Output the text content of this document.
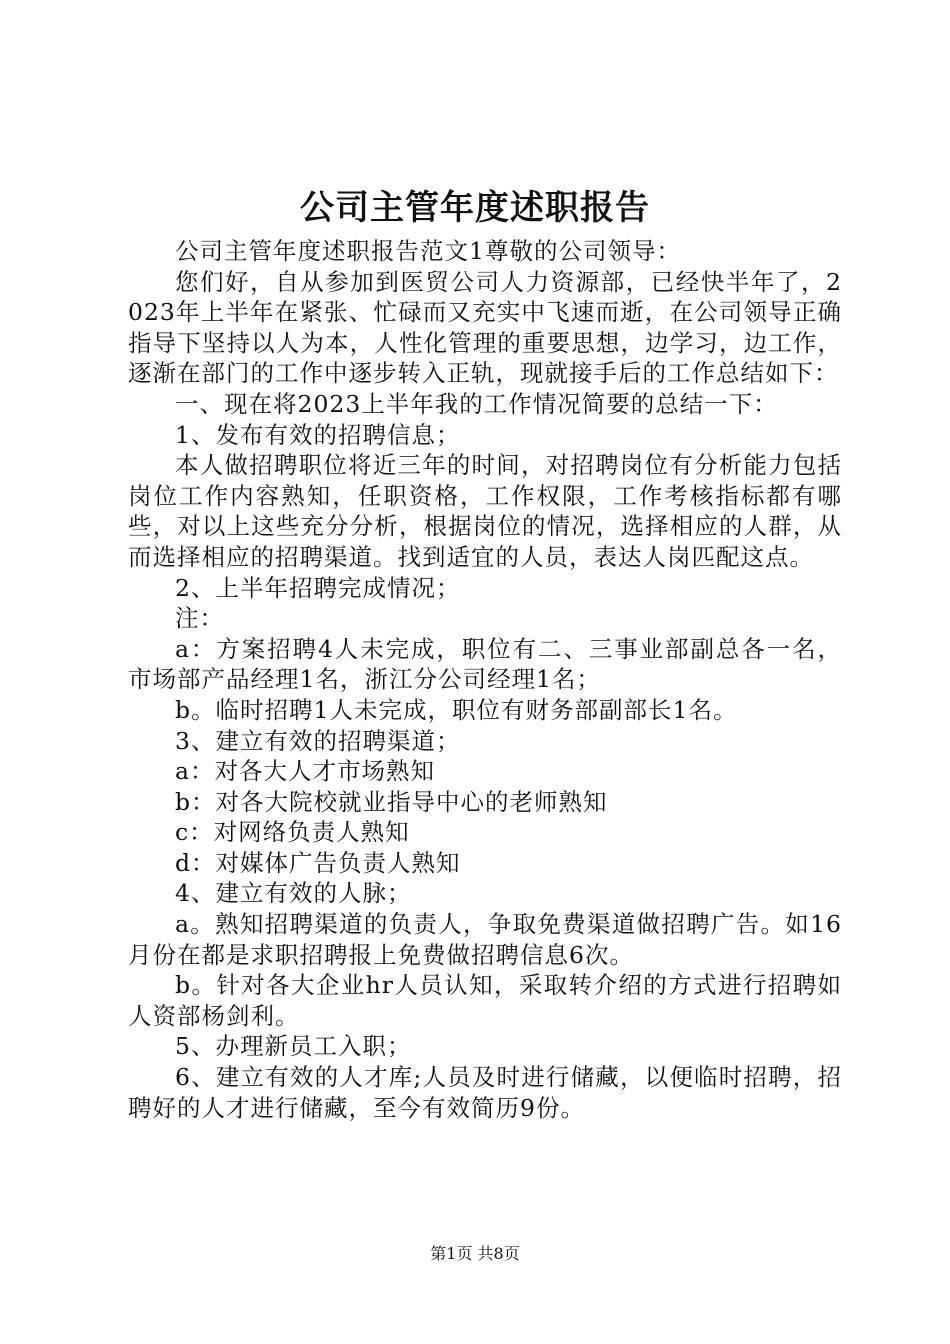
公司主管年度述职报告

公司主管年度述职报告范文1尊敬的公司领导：

您们好，自从参加到医贸公司人力资源部，已经快半年了，2023年上半年在紧张、忙碌而又充实中飞速而逝，在公司领导正确指导下坚持以人为本，人性化管理的重要思想，边学习，边工作，逐渐在部门的工作中逐步转入正轨，现就接手后的工作总结如下：

一、现在将2023上半年我的工作情况简要的总结一下：

1、发布有效的招聘信息；

本人做招聘职位将近三年的时间，对招聘岗位有分析能力包括岗位工作内容熟知，任职资格，工作权限，工作考核指标都有哪些，对以上这些充分分析，根据岗位的情况，选择相应的人群，从而选择相应的招聘渠道。找到适宜的人员，表达人岗匹配这点。

2、上半年招聘完成情况；

注：

a：方案招聘4人未完成，职位有二、三事业部副总各一名，市场部产品经理1名，浙江分公司经理1名；

b。临时招聘1人未完成，职位有财务部副部长1名。

3、建立有效的招聘渠道；

a：对各大人才市场熟知

b：对各大院校就业指导中心的老师熟知

c：对网络负责人熟知

d：对媒体广告负责人熟知

4、建立有效的人脉；

a。熟知招聘渠道的负责人，争取免费渠道做招聘广告。如16月份在都是求职招聘报上免费做招聘信息6次。

b。针对各大企业hr人员认知，采取转介绍的方式进行招聘如人资部杨剑利。

5、办理新员工入职；

6、建立有效的人才库;人员及时进行储藏，以便临时招聘，招聘好的人才进行储藏，至今有效简历9份。

第1页 共8页
